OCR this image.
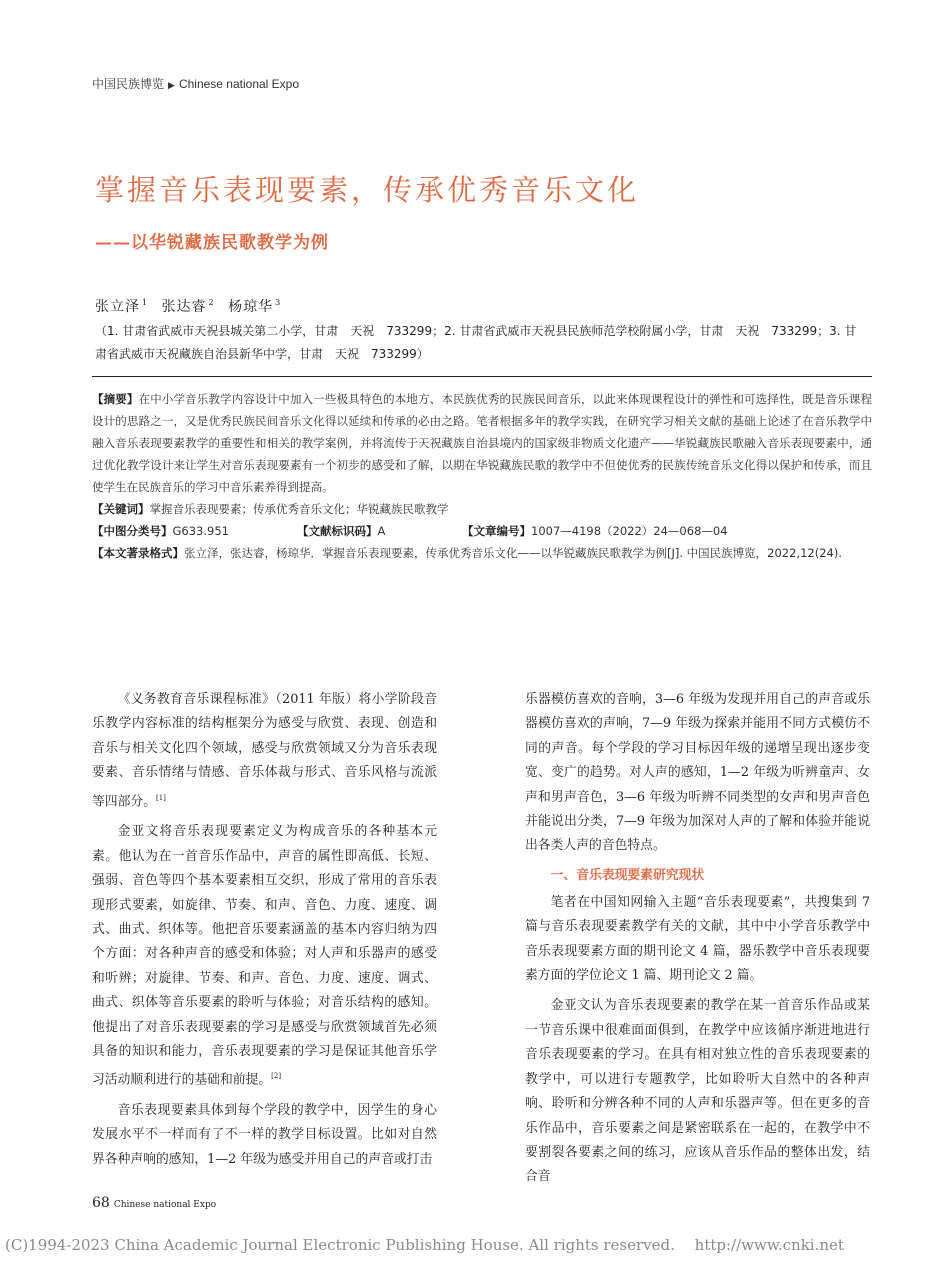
中国民族博览 ▶ Chinese national Expo
掌握音乐表现要素，传承优秀音乐文化
——以华锐藏族民歌教学为例
张立泽 $^1$ 张达睿 $^2$ 杨琼华 $^3$
（1. 甘肃省武威市天祝县城关第二小学，甘肃　天祝　733299；2. 甘肃省武威市天祝县民族师范学校附属小学，甘肃　天祝　733299；3. 甘肃省武威市天祝藏族自治县新华中学，甘肃　天祝　733299）

【摘要】在中小学音乐教学内容设计中加入一些极具特色的本地方、本民族优秀的民族民间音乐，以此来体现课程设计的弹性和可选择性，既是音乐课程设计的思路之一，又是优秀民族民间音乐文化得以延续和传承的必由之路。笔者根据多年的教学实践，在研究学习相关文献的基础上论述了在音乐教学中融入音乐表现要素教学的重要性和相关的教学案例，并将流传于天祝藏族自治县境内的国家级非物质文化遗产——华锐藏族民歌融入音乐表现要素中，通过优化教学设计来让学生对音乐表现要素有一个初步的感受和了解，以期在华锐藏族民歌的教学中不但使优秀的民族传统音乐文化得以保护和传承，而且使学生在民族音乐的学习中音乐素养得到提高。

【关键词】掌握音乐表现要素；传承优秀音乐文化；华锐藏族民歌教学

【中图分类号】G633.951	【文献标识码】A	【文章编号】1007—4198（2022）24—068—04

【本文著录格式】张立泽，张达睿，杨琼华．掌握音乐表现要素，传承优秀音乐文化——以华锐藏族民歌教学为例[J]. 中国民族博览，2022,12(24).

《义务教育音乐课程标准》（2011 年版）将小学阶段音乐教学内容标准的结构框架分为感受与欣赏、表现、创造和音乐与相关文化四个领域，感受与欣赏领域又分为音乐表现要素、音乐情绪与情感、音乐体裁与形式、音乐风格与流派等四部分。[1]

金亚文将音乐表现要素定义为构成音乐的各种基本元素。他认为在一首音乐作品中，声音的属性即高低、长短、强弱、音色等四个基本要素相互交织，形成了常用的音乐表现形式要素，如旋律、节奏、和声、音色、力度、速度、调式、曲式、织体等。他把音乐要素涵盖的基本内容归纳为四个方面：对各种声音的感受和体验；对人声和乐器声的感受和听辨；对旋律、节奏、和声、音色、力度、速度、调式、曲式、织体等音乐要素的聆听与体验；对音乐结构的感知。他提出了对音乐表现要素的学习是感受与欣赏领域首先必须具备的知识和能力，音乐表现要素的学习是保证其他音乐学习活动顺利进行的基础和前提。[2]

音乐表现要素具体到每个学段的教学中，因学生的身心发展水平不一样而有了不一样的教学目标设置。比如对自然界各种声响的感知，1—2 年级为感受并用自己的声音或打击

乐器模仿喜欢的音响，3—6 年级为发现并用自己的声音或乐器模仿喜欢的声响，7—9 年级为探索并能用不同方式模仿不同的声音。每个学段的学习目标因年级的递增呈现出逐步变宽、变广的趋势。对人声的感知，1—2 年级为听辨童声、女声和男声音色，3—6 年级为听辨不同类型的女声和男声音色并能说出分类，7—9 年级为加深对人声的了解和体验并能说出各类人声的音色特点。

一、音乐表现要素研究现状

笔者在中国知网输入主题“音乐表现要素”，共搜集到 7 篇与音乐表现要素教学有关的文献，其中中小学音乐教学中音乐表现要素方面的期刊论文 4 篇，器乐教学中音乐表现要素方面的学位论文 1 篇、期刊论文 2 篇。

金亚文认为音乐表现要素的教学在某一首音乐作品或某一节音乐课中很难面面俱到，在教学中应该循序渐进地进行音乐表现要素的学习。在具有相对独立性的音乐表现要素的教学中，可以进行专题教学，比如聆听大自然中的各种声响、聆听和分辨各种不同的人声和乐器声等。但在更多的音乐作品中，音乐要素之间是紧密联系在一起的，在教学中不要割裂各要素之间的练习，应该从音乐作品的整体出发，结合音

68 Chinese national Expo
(C)1994-2023 China Academic Journal Electronic Publishing House. All rights reserved.　 http://www.cnki.net
